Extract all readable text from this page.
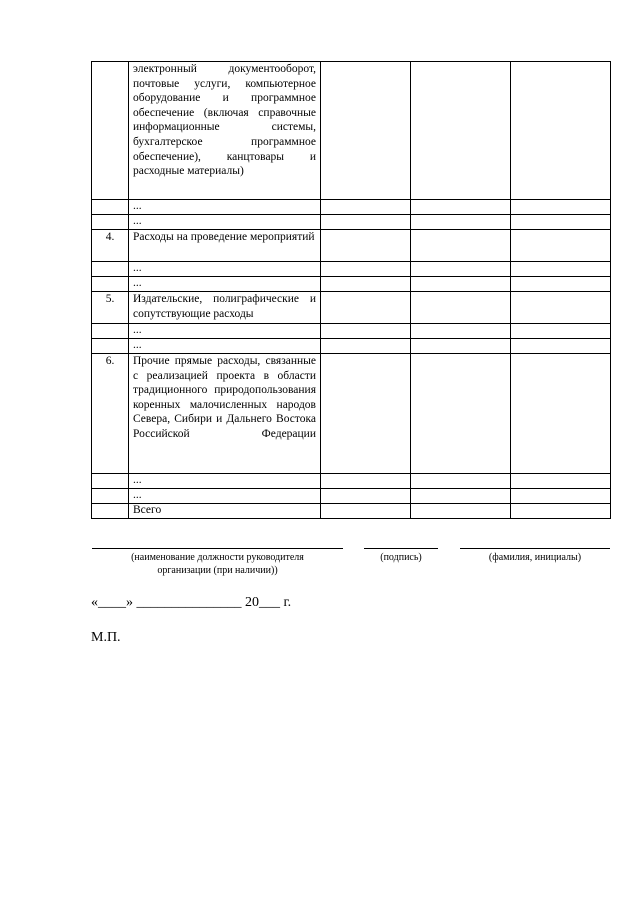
	электронный документооборот, почтовые услуги, компьютерное оборудование и программное обеспечение (включая справочные информационные системы, бухгалтерское программное обеспечение), канцтовары и расходные материалы)			
	...			
	...			
4.	Расходы на проведение мероприятий			
	...			
	...			
5.	Издательские, полиграфические и сопутствующие расходы			
	...			
	...			
6.	Прочие прямые расходы, связанные с реализацией проекта в области традиционного природопользования коренных малочисленных народов Севера, Сибири и Дальнего Востока Российской Федерации			
	...			
	...			
	Всего			
(наименование должности руководителя организации (при наличии))
(подпись)	(фамилия, инициалы)
«____» _______________ 20___ г.
М.П.
